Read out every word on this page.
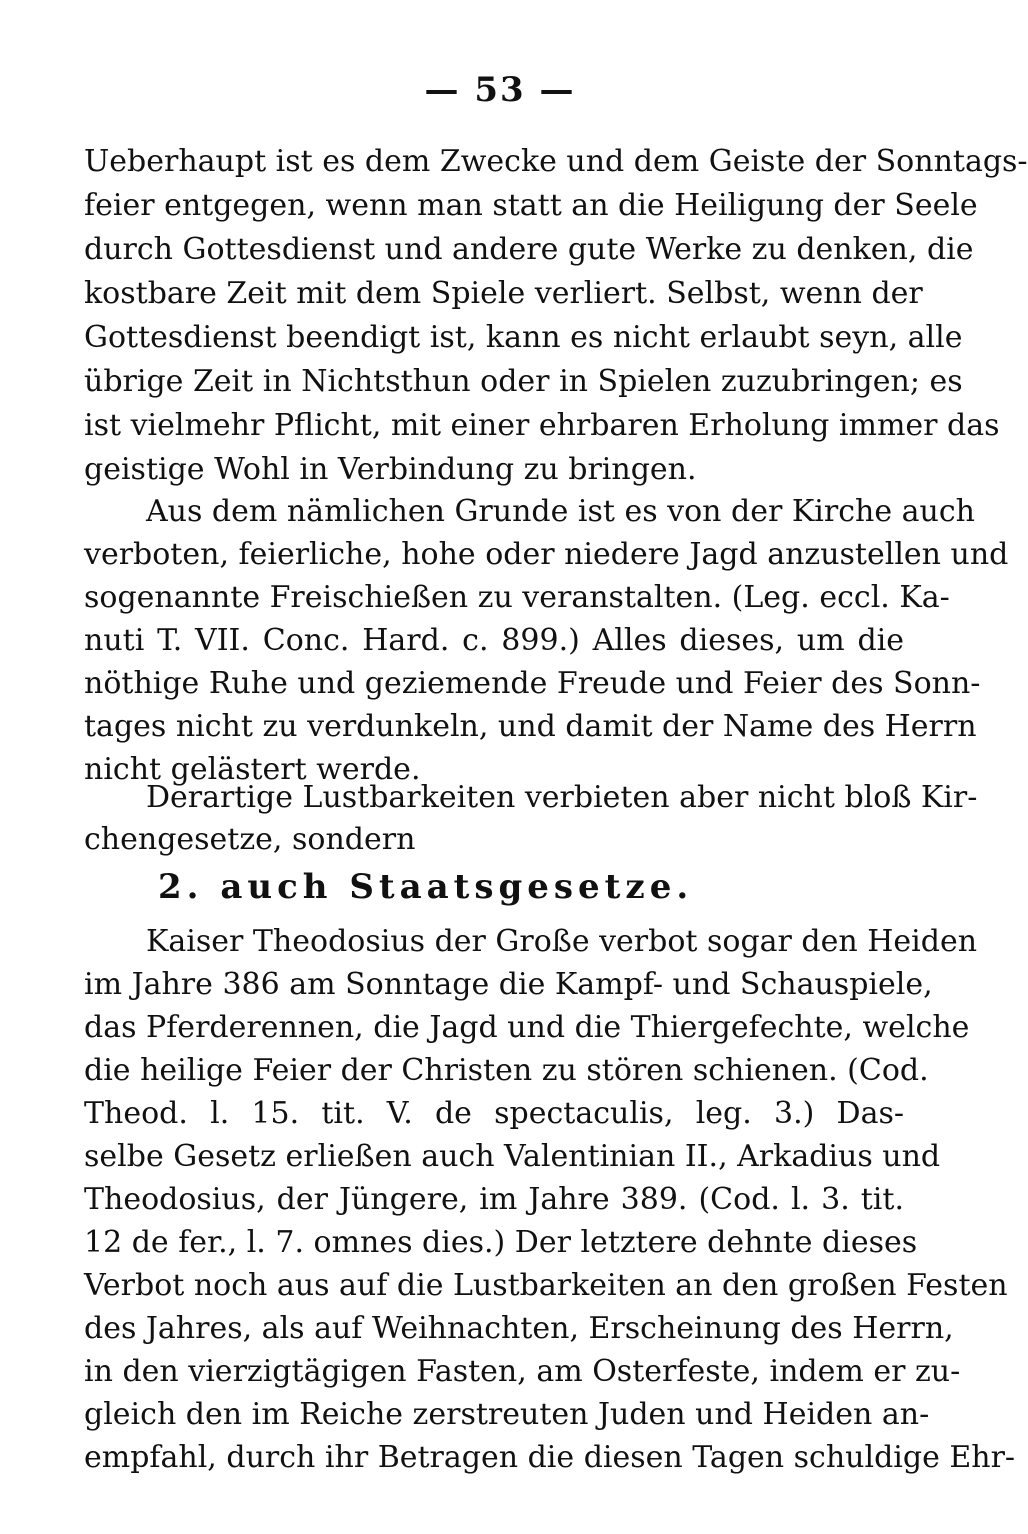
— 53 —
Ueberhaupt ist es dem Zwecke und dem Geiste der Sonntags-
feier entgegen, wenn man statt an die Heiligung der Seele
durch Gottesdienst und andere gute Werke zu denken, die
kostbare Zeit mit dem Spiele verliert. Selbst, wenn der
Gottesdienst beendigt ist, kann es nicht erlaubt seyn, alle
übrige Zeit in Nichtsthun oder in Spielen zuzubringen; es
ist vielmehr Pflicht, mit einer ehrbaren Erholung immer das
geistige Wohl in Verbindung zu bringen.
Aus dem nämlichen Grunde ist es von der Kirche auch
verboten, feierliche, hohe oder niedere Jagd anzustellen und
sogenannte Freischießen zu veranstalten. (Leg. eccl. Ka-
nuti T. VII. Conc. Hard. c. 899.) Alles dieses, um die
nöthige Ruhe und geziemende Freude und Feier des Sonn-
tages nicht zu verdunkeln, und damit der Name des Herrn
nicht gelästert werde.
Derartige Lustbarkeiten verbieten aber nicht bloß Kir-
chengesetze, sondern
2. auch Staatsgesetze.
Kaiser Theodosius der Große verbot sogar den Heiden
im Jahre 386 am Sonntage die Kampf- und Schauspiele,
das Pferderennen, die Jagd und die Thiergefechte, welche
die heilige Feier der Christen zu stören schienen. (Cod.
Theod. l. 15. tit. V. de spectaculis, leg. 3.) Das-
selbe Gesetz erließen auch Valentinian II., Arkadius und
Theodosius, der Jüngere, im Jahre 389. (Cod. l. 3. tit.
12 de fer., l. 7. omnes dies.) Der letztere dehnte dieses
Verbot noch aus auf die Lustbarkeiten an den großen Festen
des Jahres, als auf Weihnachten, Erscheinung des Herrn,
in den vierzigtägigen Fasten, am Osterfeste, indem er zu-
gleich den im Reiche zerstreuten Juden und Heiden an-
empfahl, durch ihr Betragen die diesen Tagen schuldige Ehr-
